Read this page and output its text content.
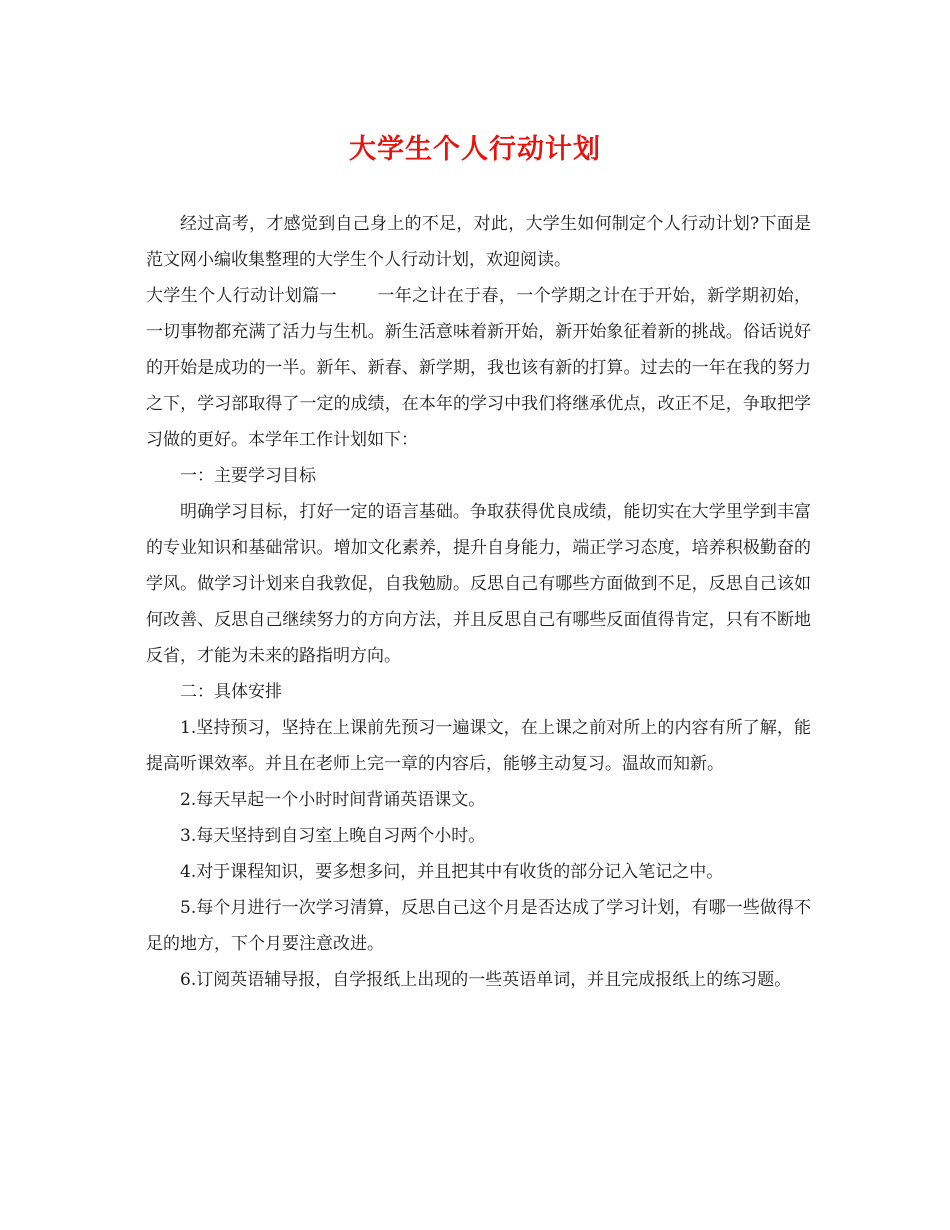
大学生个人行动计划

经过高考，才感觉到自己身上的不足，对此，大学生如何制定个人行动计划?下面是范文网小编收集整理的大学生个人行动计划，欢迎阅读。

大学生个人行动计划篇一 一年之计在于春，一个学期之计在于开始，新学期初始，一切事物都充满了活力与生机。新生活意味着新开始，新开始象征着新的挑战。俗话说好的开始是成功的一半。新年、新春、新学期，我也该有新的打算。过去的一年在我的努力之下，学习部取得了一定的成绩，在本年的学习中我们将继承优点，改正不足，争取把学习做的更好。本学年工作计划如下：

一：主要学习目标

明确学习目标，打好一定的语言基础。争取获得优良成绩，能切实在大学里学到丰富的专业知识和基础常识。增加文化素养，提升自身能力，端正学习态度，培养积极勤奋的学风。做学习计划来自我敦促，自我勉励。反思自己有哪些方面做到不足，反思自己该如何改善、反思自己继续努力的方向方法，并且反思自己有哪些反面值得肯定，只有不断地反省，才能为未来的路指明方向。

二：具体安排

1.坚持预习，坚持在上课前先预习一遍课文，在上课之前对所上的内容有所了解，能提高听课效率。并且在老师上完一章的内容后，能够主动复习。温故而知新。

2.每天早起一个小时时间背诵英语课文。

3.每天坚持到自习室上晚自习两个小时。

4.对于课程知识，要多想多问，并且把其中有收货的部分记入笔记之中。

5.每个月进行一次学习清算，反思自己这个月是否达成了学习计划，有哪一些做得不足的地方，下个月要注意改进。

6.订阅英语辅导报，自学报纸上出现的一些英语单词，并且完成报纸上的练习题。
